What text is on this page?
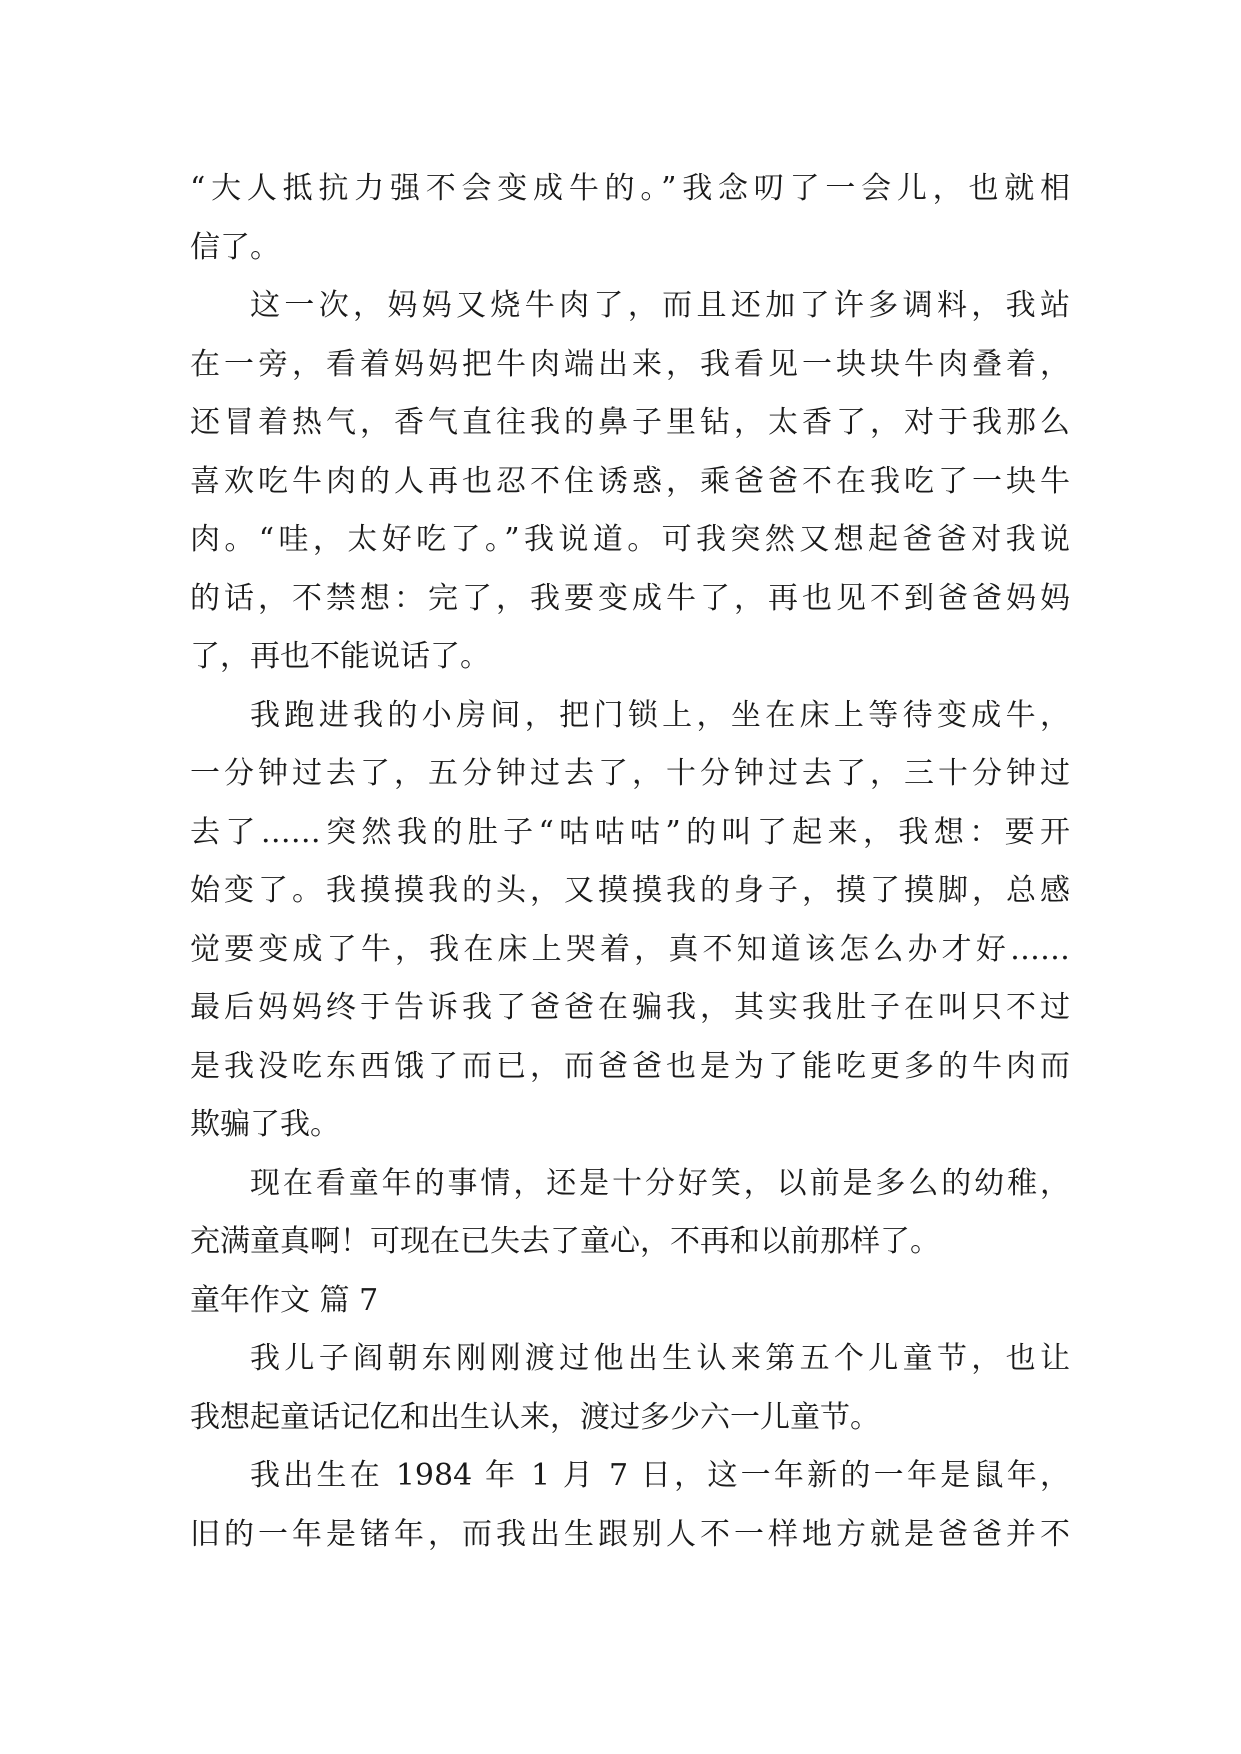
“大人抵抗力强不会变成牛的。”我念叨了一会儿，也就相
信了。
这一次，妈妈又烧牛肉了，而且还加了许多调料，我站
在一旁，看着妈妈把牛肉端出来，我看见一块块牛肉叠着，
还冒着热气，香气直往我的鼻子里钻，太香了，对于我那么
喜欢吃牛肉的人再也忍不住诱惑，乘爸爸不在我吃了一块牛
肉。“哇，太好吃了。”我说道。可我突然又想起爸爸对我说
的话，不禁想：完了，我要变成牛了，再也见不到爸爸妈妈
了，再也不能说话了。
我跑进我的小房间，把门锁上，坐在床上等待变成牛，
一分钟过去了，五分钟过去了，十分钟过去了，三十分钟过
去了……突然我的肚子“咕咕咕”的叫了起来，我想：要开
始变了。我摸摸我的头，又摸摸我的身子，摸了摸脚，总感
觉要变成了牛，我在床上哭着，真不知道该怎么办才好……
最后妈妈终于告诉我了爸爸在骗我，其实我肚子在叫只不过
是我没吃东西饿了而已，而爸爸也是为了能吃更多的牛肉而
欺骗了我。
现在看童年的事情，还是十分好笑，以前是多么的幼稚，
充满童真啊！可现在已失去了童心，不再和以前那样了。
童年作文 篇 7
我儿子阎朝东刚刚渡过他出生认来第五个儿童节，也让
我想起童话记亿和出生认来，渡过多少六一儿童节。
我出生在 1984 年 1 月 7 日，这一年新的一年是鼠年，
旧的一年是锗年，而我出生跟别人不一样地方就是爸爸并不
